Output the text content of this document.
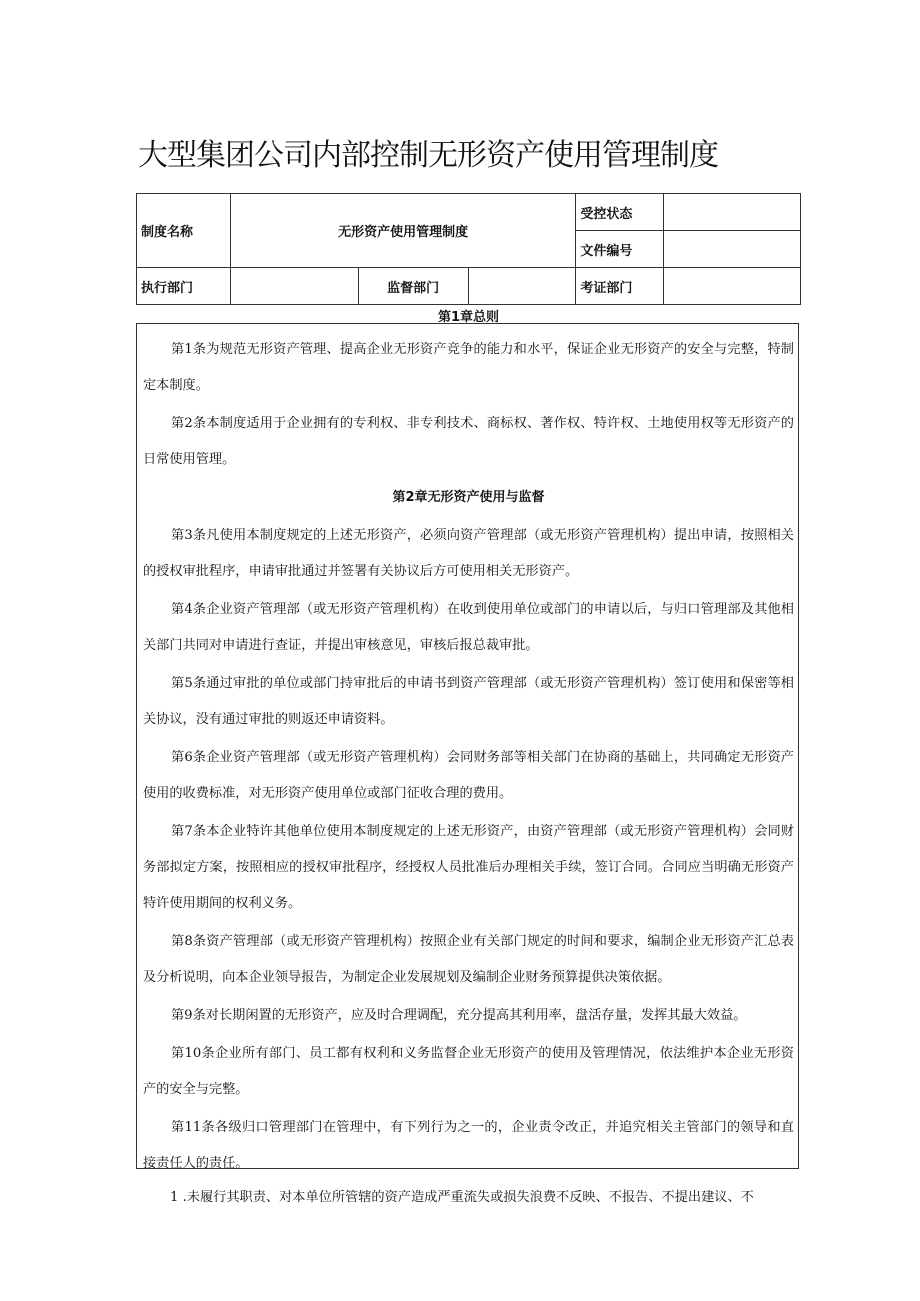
大型集团公司内部控制无形资产使用管理制度
制度名称	无形资产使用管理制度			受控状态	
				文件编号	
执行部门		监督部门		考证部门	
第1章总则

第1条为规范无形资产管理、提高企业无形资产竞争的能力和水平，保证企业无形资产的安全与完整，特制定本制度。

第2条本制度适用于企业拥有的专利权、非专利技术、商标权、著作权、特许权、土地使用权等无形资产的日常使用管理。

第2章无形资产使用与监督

第3条凡使用本制度规定的上述无形资产，必须向资产管理部（或无形资产管理机构）提出申请，按照相关的授权审批程序，申请审批通过并签署有关协议后方可使用相关无形资产。

第4条企业资产管理部（或无形资产管理机构）在收到使用单位或部门的申请以后，与归口管理部及其他相关部门共同对申请进行查证，并提出审核意见，审核后报总裁审批。

第5条通过审批的单位或部门持审批后的申请书到资产管理部（或无形资产管理机构）签订使用和保密等相关协议，没有通过审批的则返还申请资料。

第6条企业资产管理部（或无形资产管理机构）会同财务部等相关部门在协商的基础上，共同确定无形资产使用的收费标准，对无形资产使用单位或部门征收合理的费用。

第7条本企业特许其他单位使用本制度规定的上述无形资产，由资产管理部（或无形资产管理机构）会同财务部拟定方案，按照相应的授权审批程序，经授权人员批准后办理相关手续，签订合同。合同应当明确无形资产特许使用期间的权利义务。

第8条资产管理部（或无形资产管理机构）按照企业有关部门规定的时间和要求，编制企业无形资产汇总表及分析说明，向本企业领导报告，为制定企业发展规划及编制企业财务预算提供决策依据。

第9条对长期闲置的无形资产，应及时合理调配，充分提高其利用率，盘活存量，发挥其最大效益。

第10条企业所有部门、员工都有权利和义务监督企业无形资产的使用及管理情况，依法维护本企业无形资产的安全与完整。

第11条各级归口管理部门在管理中，有下列行为之一的，企业责令改正，并追究相关主管部门的领导和直接责任人的责任。

1 .未履行其职责、对本单位所管辖的资产造成严重流失或损失浪费不反映、不报告、不提出建议、不
